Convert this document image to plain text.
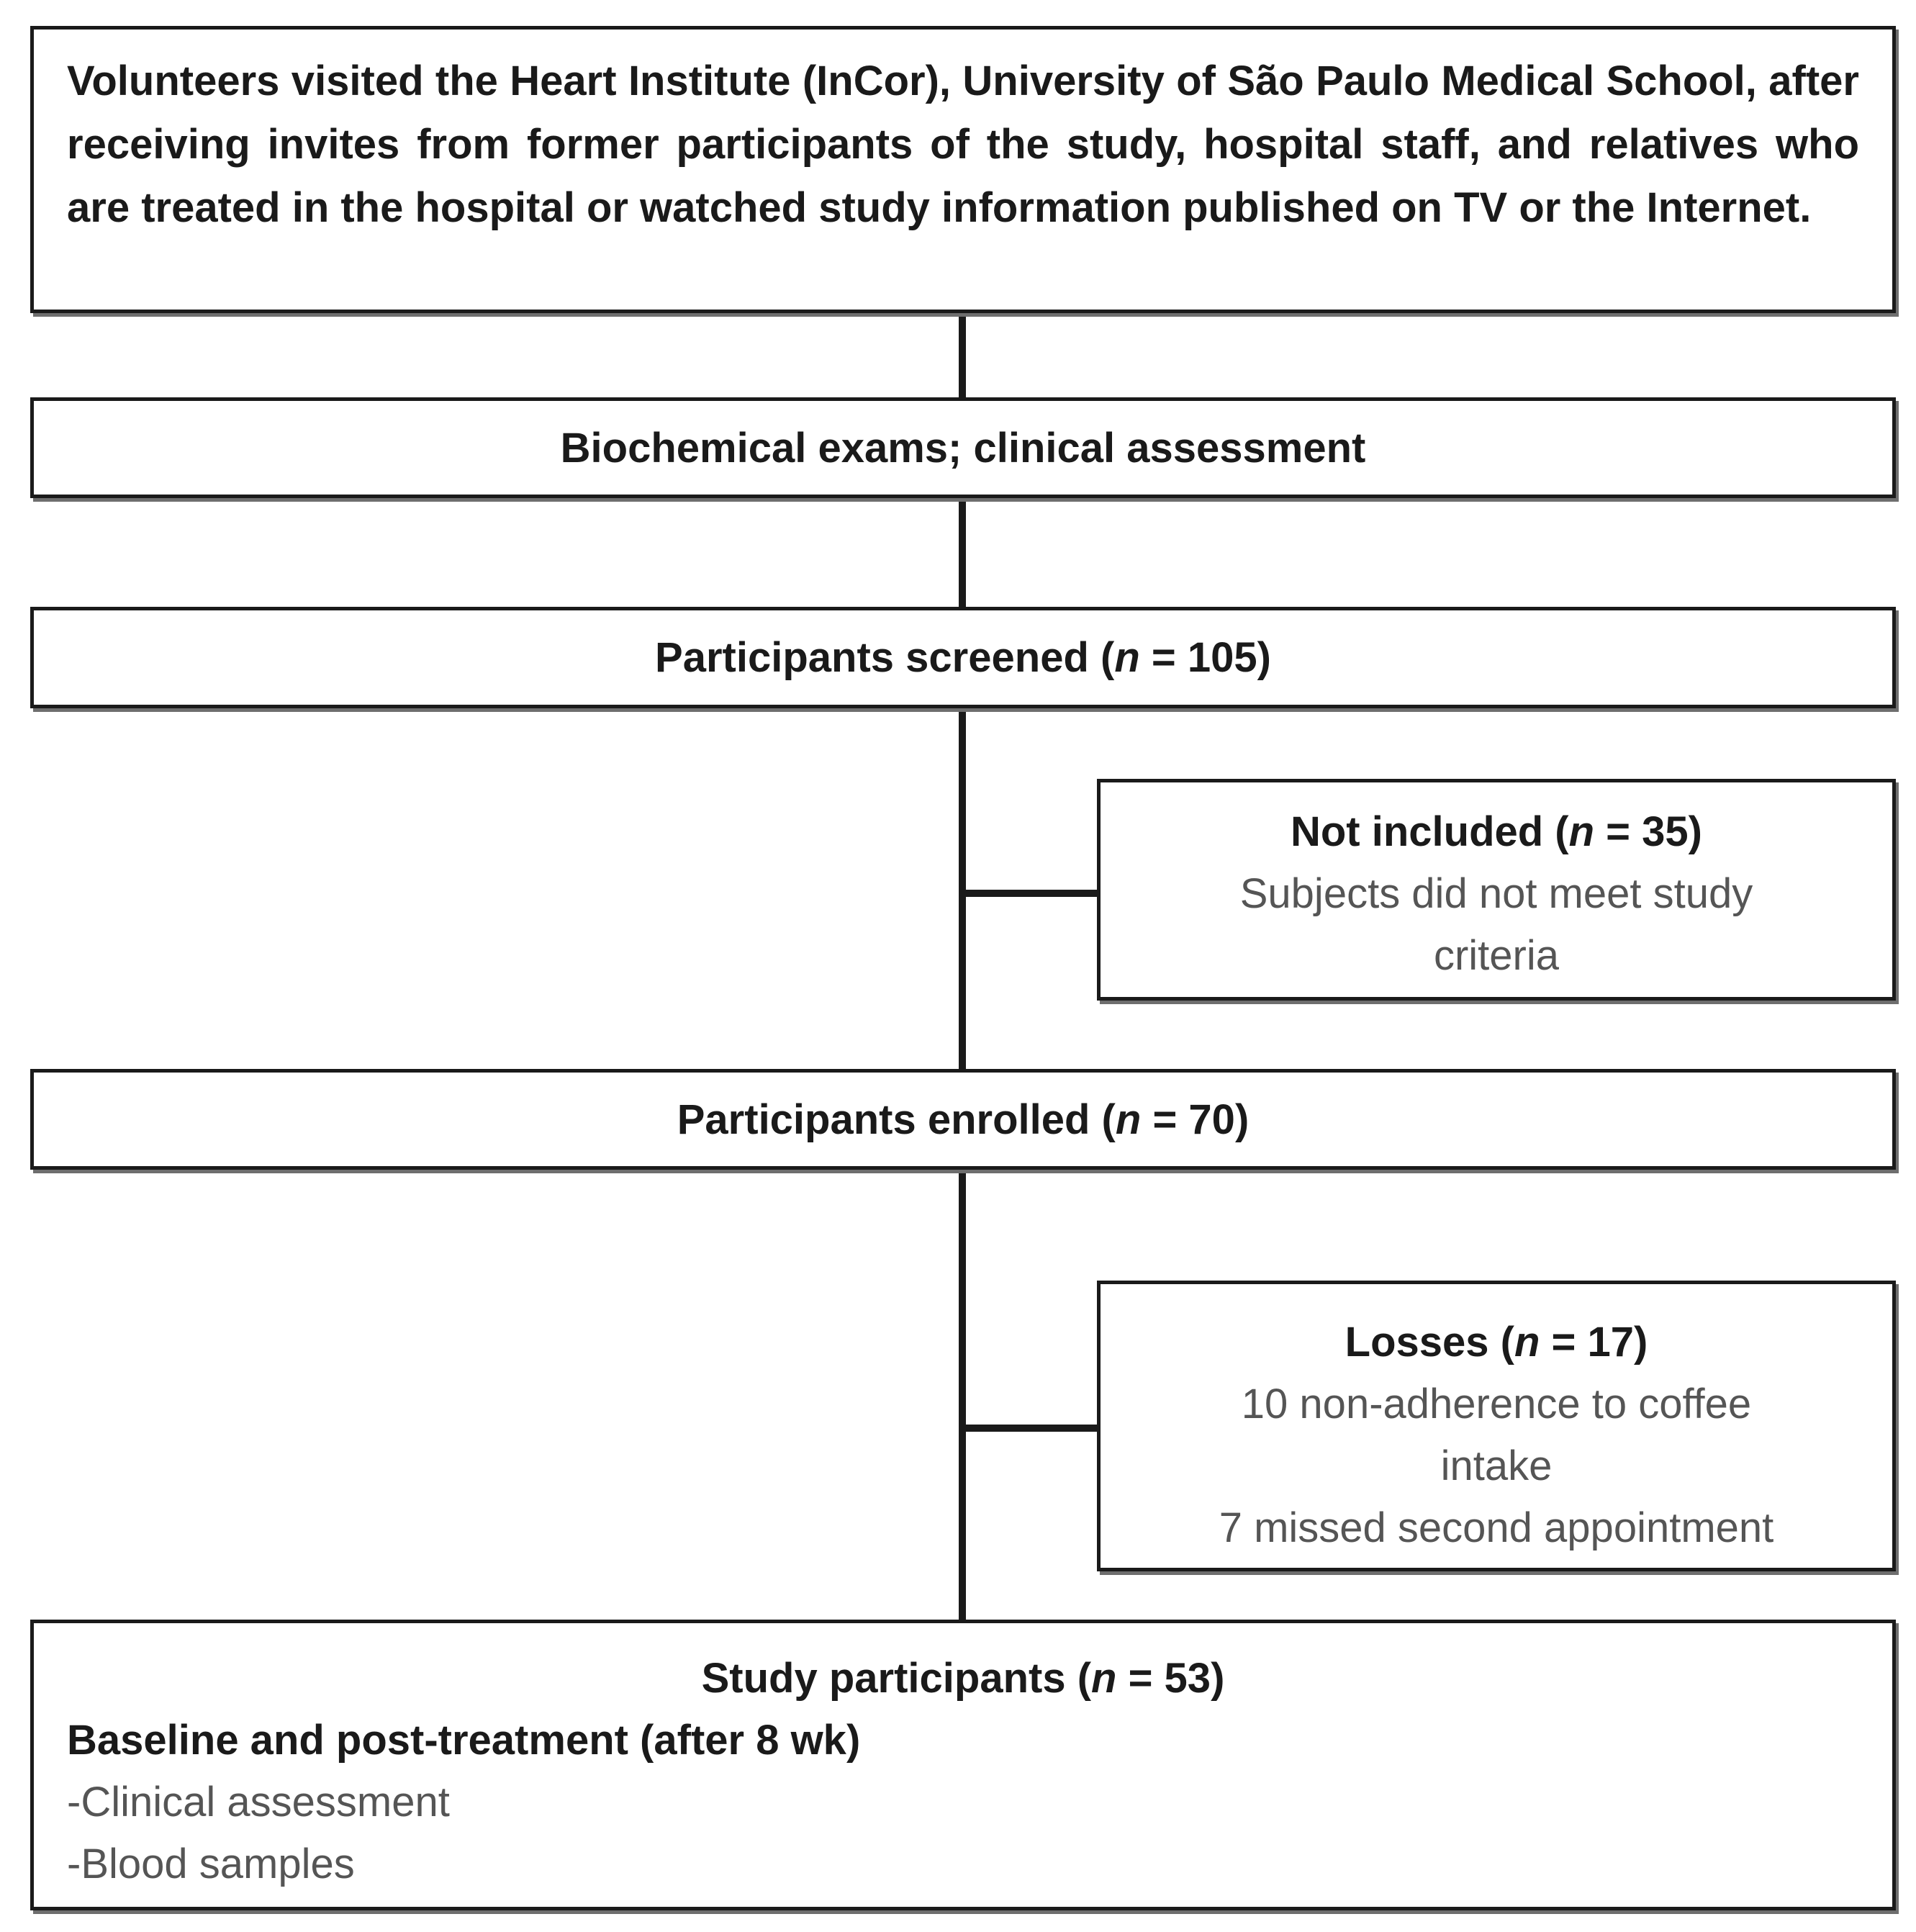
Volunteers visited the Heart Institute (InCor), University of São Paulo Medical School, after receiving invites from former participants of the study, hospital staff, and relatives who are treated in the hospital or watched study information published on TV or the Internet.

Biochemical exams; clinical assessment
Participants screened (n = 105)
Not included (n = 35)
Subjects did not meet study
criteria
Participants enrolled (n = 70)
Losses (n = 17)
10 non-adherence to coffee
intake
7 missed second appointment
Study participants (n = 53)
Baseline and post-treatment (after 8 wk)
-Clinical assessment
-Blood samples
